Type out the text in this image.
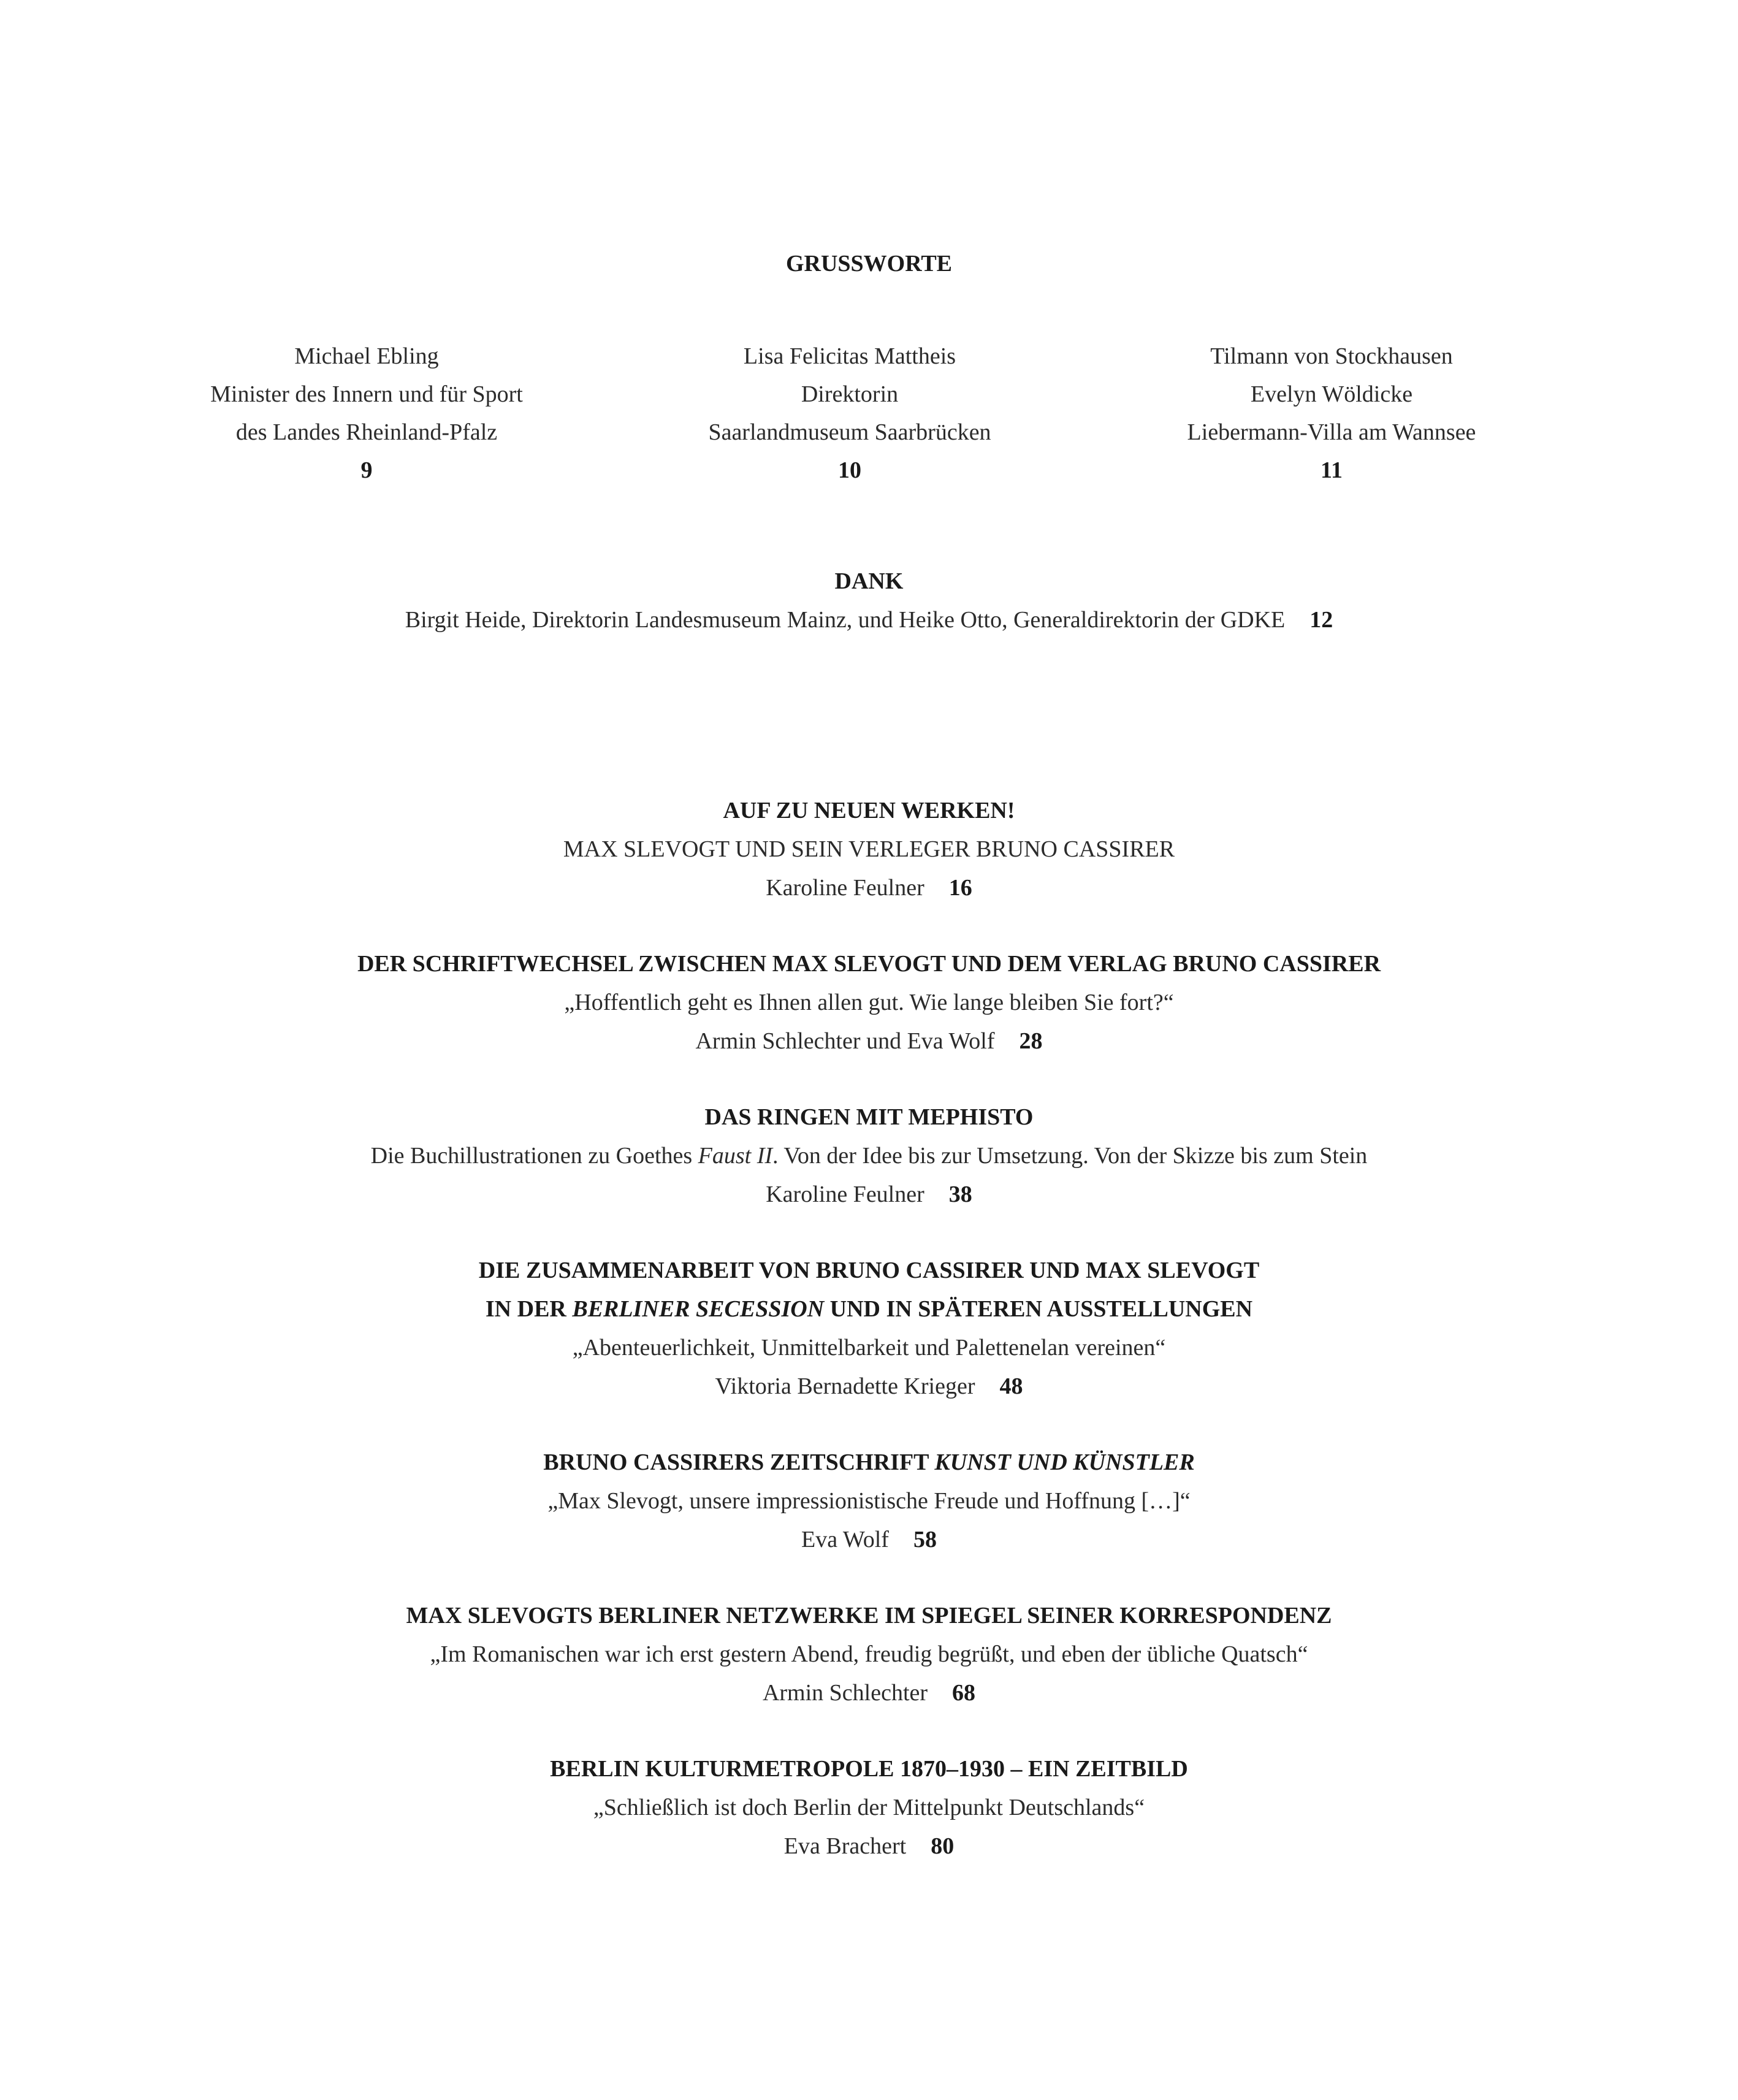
GRUSSWORTE
Michael Ebling
Minister des Innern und für Sport
des Landes Rheinland-Pfalz
9
Lisa Felicitas Mattheis
Direktorin
Saarlandmuseum Saarbrücken
10
Tilmann von Stockhausen
Evelyn Wöldicke
Liebermann-Villa am Wannsee
11
DANK
Birgit Heide, Direktorin Landesmuseum Mainz, und Heike Otto, Generaldirektorin der GDKE 12
AUF ZU NEUEN WERKEN!
MAX SLEVOGT UND SEIN VERLEGER BRUNO CASSIRER
Karoline Feulner 16
DER SCHRIFTWECHSEL ZWISCHEN MAX SLEVOGT UND DEM VERLAG BRUNO CASSIRER
„Hoffentlich geht es Ihnen allen gut. Wie lange bleiben Sie fort?“
Armin Schlechter und Eva Wolf 28
DAS RINGEN MIT MEPHISTO
Die Buchillustrationen zu Goethes Faust II. Von der Idee bis zur Umsetzung. Von der Skizze bis zum Stein
Karoline Feulner 38
DIE ZUSAMMENARBEIT VON BRUNO CASSIRER UND MAX SLEVOGT
IN DER BERLINER SECESSION UND IN SPÄTEREN AUSSTELLUNGEN
„Abenteuerlichkeit, Unmittelbarkeit und Palettenelan vereinen“
Viktoria Bernadette Krieger 48
BRUNO CASSIRERS ZEITSCHRIFT KUNST UND KÜNSTLER
„Max Slevogt, unsere impressionistische Freude und Hoffnung […]“
Eva Wolf 58
MAX SLEVOGTS BERLINER NETZWERKE IM SPIEGEL SEINER KORRESPONDENZ
„Im Romanischen war ich erst gestern Abend, freudig begrüßt, und eben der übliche Quatsch“
Armin Schlechter 68
BERLIN KULTURMETROPOLE 1870–1930 – EIN ZEITBILD
„Schließlich ist doch Berlin der Mittelpunkt Deutschlands“
Eva Brachert 80
